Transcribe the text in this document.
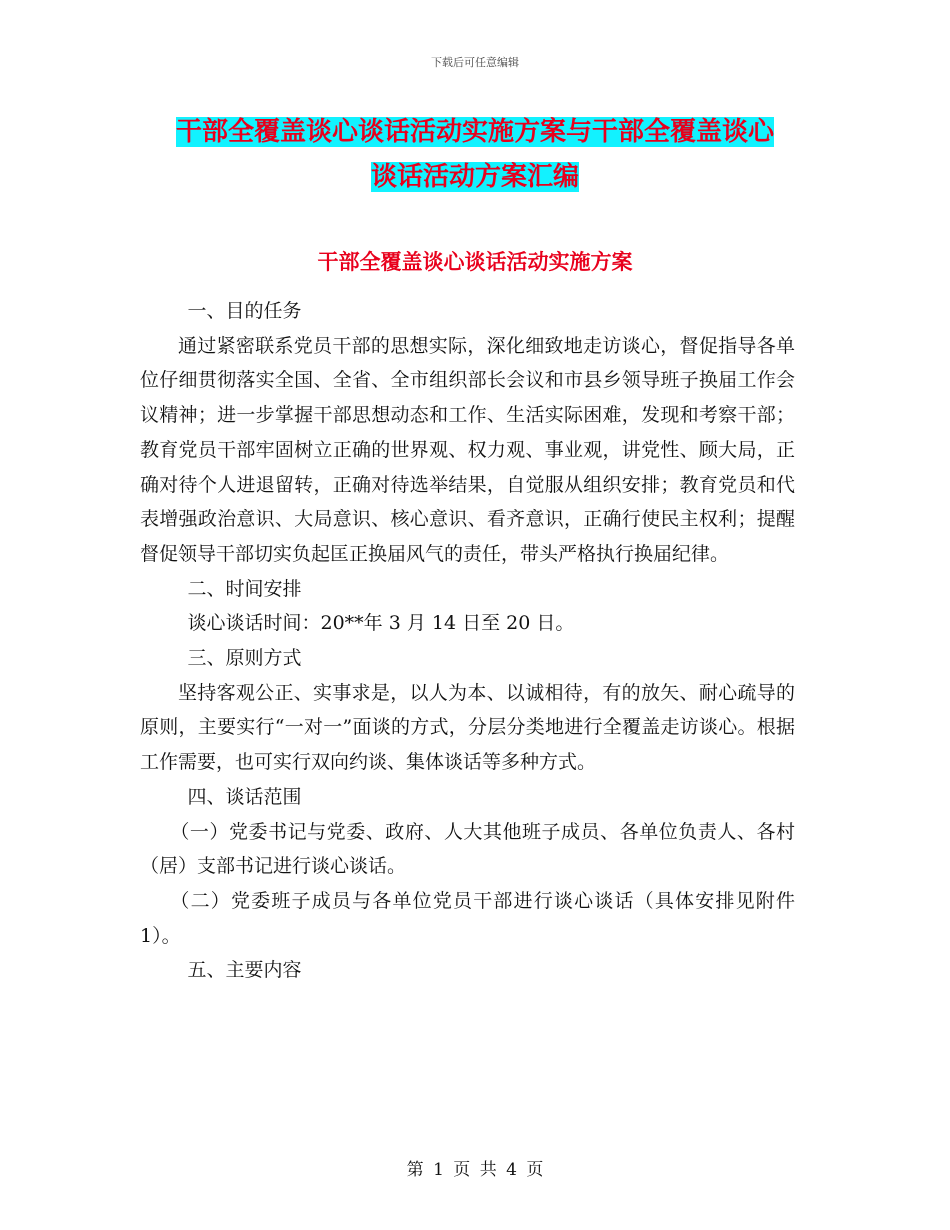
下载后可任意编辑
干部全覆盖谈心谈话活动实施方案与干部全覆盖谈心
谈话活动方案汇编
干部全覆盖谈心谈话活动实施方案

一、目的任务

通过紧密联系党员干部的思想实际，深化细致地走访谈心，督促指导各单位仔细贯彻落实全国、全省、全市组织部长会议和市县乡领导班子换届工作会议精神；进一步掌握干部思想动态和工作、生活实际困难，发现和考察干部；教育党员干部牢固树立正确的世界观、权力观、事业观，讲党性、顾大局，正确对待个人进退留转，正确对待选举结果，自觉服从组织安排；教育党员和代表增强政治意识、大局意识、核心意识、看齐意识，正确行使民主权利；提醒督促领导干部切实负起匡正换届风气的责任，带头严格执行换届纪律。

二、时间安排

谈心谈话时间：20**年 3 月 14 日至 20 日。

三、原则方式

坚持客观公正、实事求是，以人为本、以诚相待，有的放矢、耐心疏导的原则，主要实行“一对一”面谈的方式，分层分类地进行全覆盖走访谈心。根据工作需要，也可实行双向约谈、集体谈话等多种方式。

四、谈话范围

（一）党委书记与党委、政府、人大其他班子成员、各单位负责人、各村（居）支部书记进行谈心谈话。

（二）党委班子成员与各单位党员干部进行谈心谈话（具体安排见附件 1）。

五、主要内容

第 1 页 共 4 页
